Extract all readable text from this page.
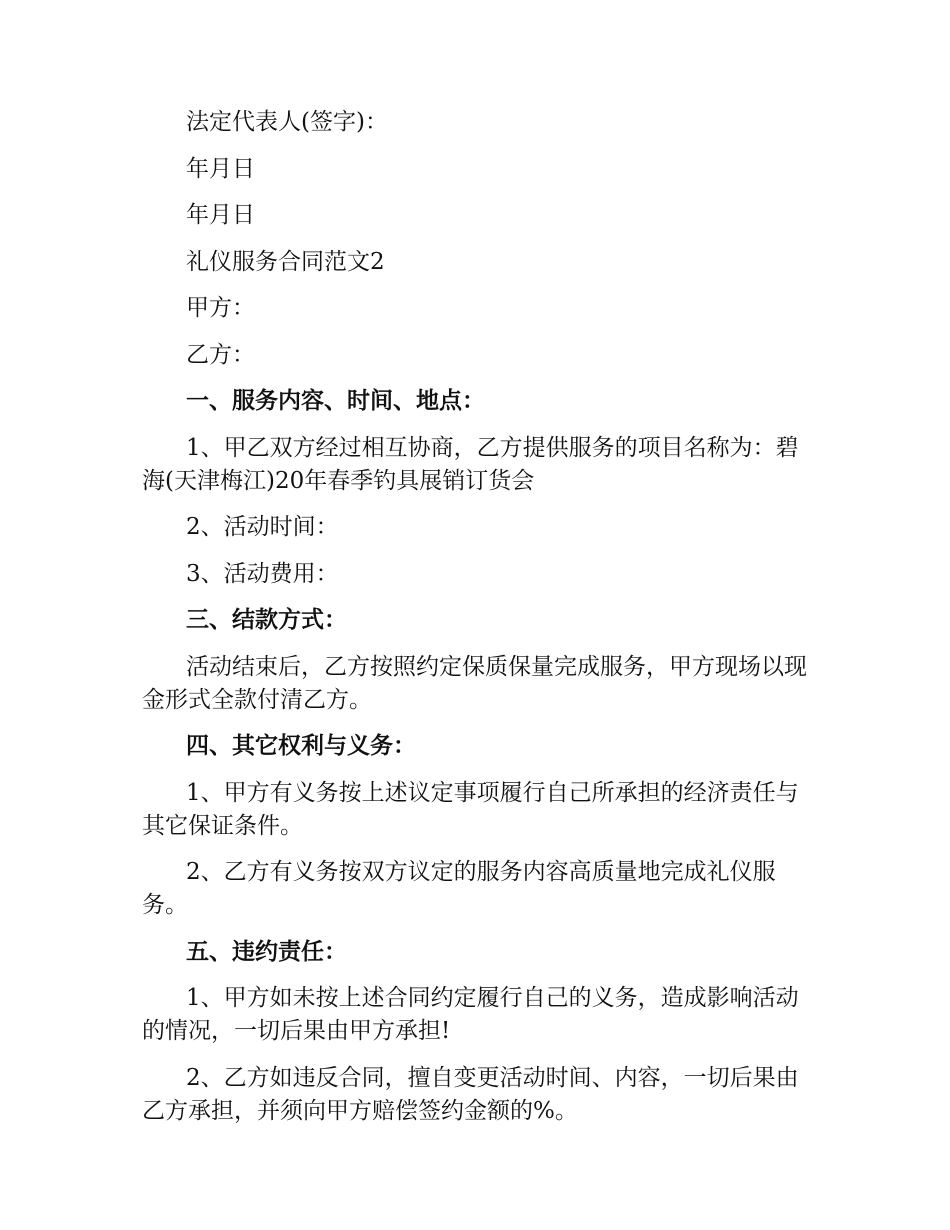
法定代表人(签字)：

年月日

年月日

礼仪服务合同范文2

甲方：

乙方：

一、服务内容、时间、地点：

1、甲乙双方经过相互协商，乙方提供服务的项目名称为：碧海(天津梅江)20年春季钓具展销订货会

2、活动时间：

3、活动费用：

三、结款方式：

活动结束后，乙方按照约定保质保量完成服务，甲方现场以现金形式全款付清乙方。

四、其它权利与义务：

1、甲方有义务按上述议定事项履行自己所承担的经济责任与其它保证条件。

2、乙方有义务按双方议定的服务内容高质量地完成礼仪服务。

五、违约责任：

1、甲方如未按上述合同约定履行自己的义务，造成影响活动的情况，一切后果由甲方承担!

2、乙方如违反合同，擅自变更活动时间、内容，一切后果由乙方承担，并须向甲方赔偿签约金额的%。
